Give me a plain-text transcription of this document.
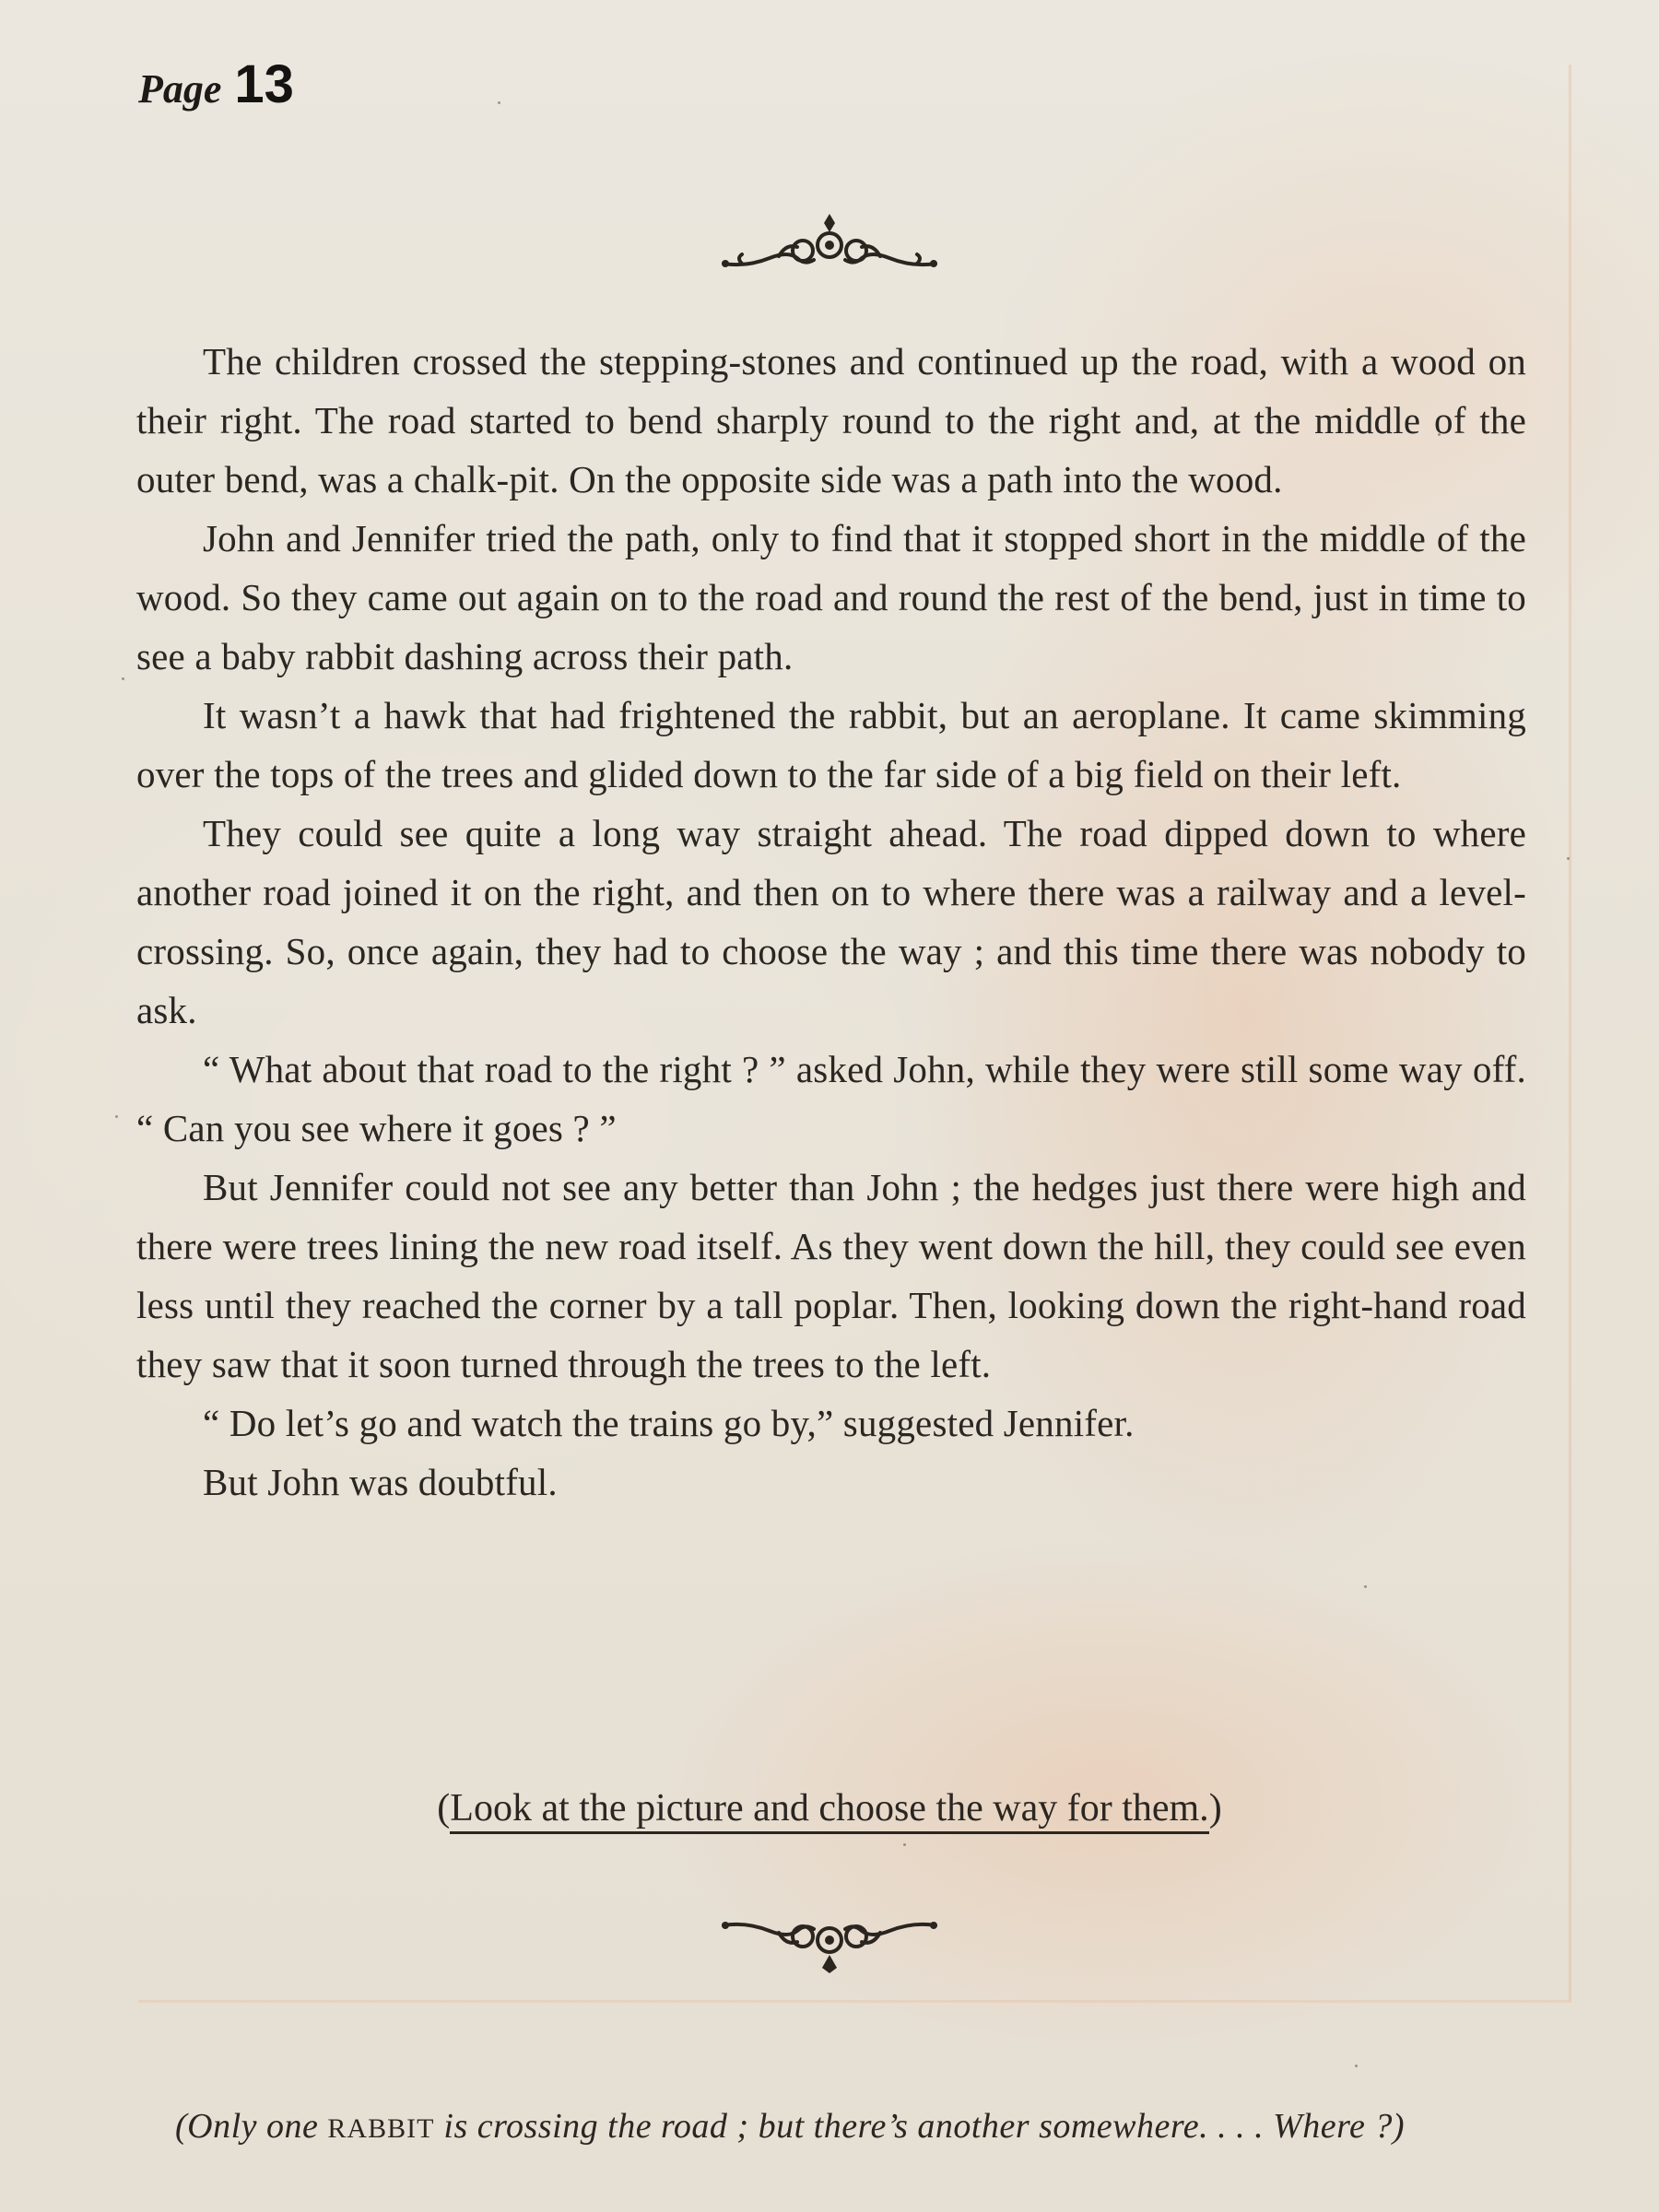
Page 13

The children crossed the stepping-stones and continued up the road, with a wood on their right. The road started to bend sharply round to the right and, at the middle of the outer bend, was a chalk-pit. On the opposite side was a path into the wood.

John and Jennifer tried the path, only to find that it stopped short in the middle of the wood. So they came out again on to the road and round the rest of the bend, just in time to see a baby rabbit dashing across their path.

It wasn’t a hawk that had frightened the rabbit, but an aeroplane. It came skimming over the tops of the trees and glided down to the far side of a big field on their left.

They could see quite a long way straight ahead. The road dipped down to where another road joined it on the right, and then on to where there was a railway and a level-crossing. So, once again, they had to choose the way ; and this time there was nobody to ask.

“ What about that road to the right ? ” asked John, while they were still some way off. “ Can you see where it goes ? ”

But Jennifer could not see any better than John ; the hedges just there were high and there were trees lining the new road itself. As they went down the hill, they could see even less until they reached the corner by a tall poplar. Then, looking down the right-hand road they saw that it soon turned through the trees to the left.

“ Do let’s go and watch the trains go by,” suggested Jennifer.

But John was doubtful.

(Look at the picture and choose the way for them.)
(Only one RABBIT is crossing the road ; but there’s another somewhere. . . . Where ?)
